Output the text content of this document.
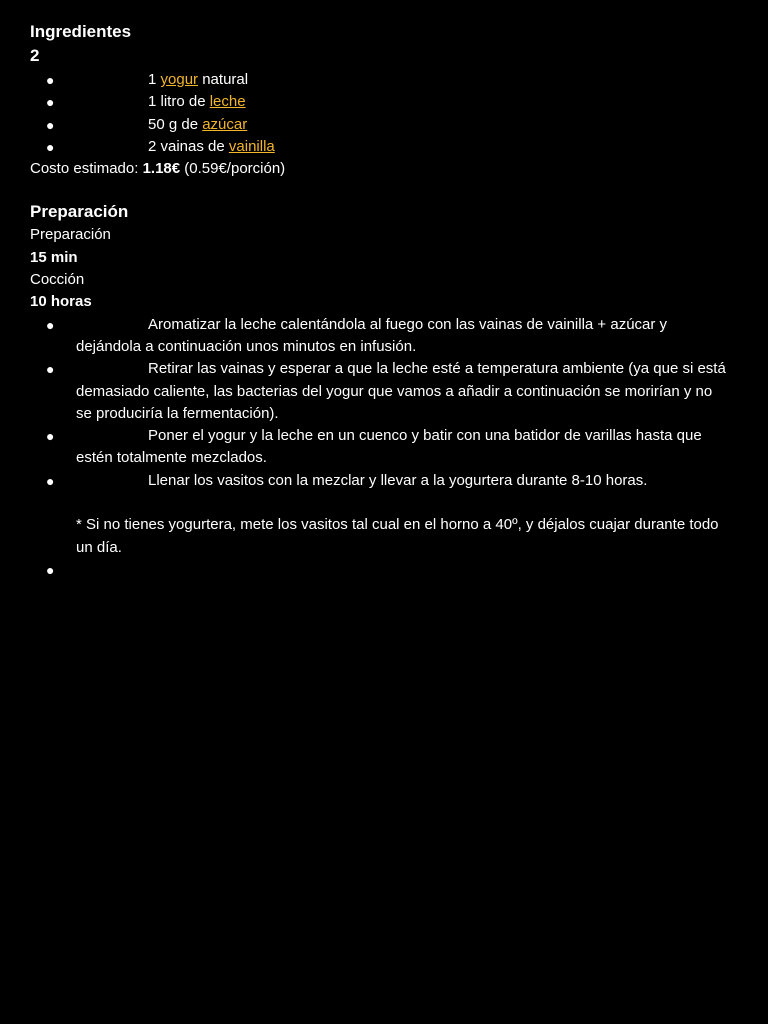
Ingredientes
2
●	1 yogur natural
●	1 litro de leche
●	50 g de azúcar
●	2 vainas de vainilla
Costo estimado: 1.18€ (0.59€/porción)
Preparación
Preparación
15 min
Cocción
10 horas
●	Aromatizar la leche calentándola al fuego con las vainas de vainilla + azúcar y dejándola a continuación unos minutos en infusión.
●	Retirar las vainas y esperar a que la leche esté a temperatura ambiente (ya que si está demasiado caliente, las bacterias del yogur que vamos a añadir a continuación se morirían y no se produciría la fermentación).
●	Poner el yogur y la leche en un cuenco y batir con una batidor de varillas hasta que estén totalmente mezclados.
●	Llenar los vasitos con la mezclar y llevar a la yogurtera durante 8-10 horas.
* Si no tienes yogurtera, mete los vasitos tal cual en el horno a 40º, y déjalos cuajar durante todo un día.
●
